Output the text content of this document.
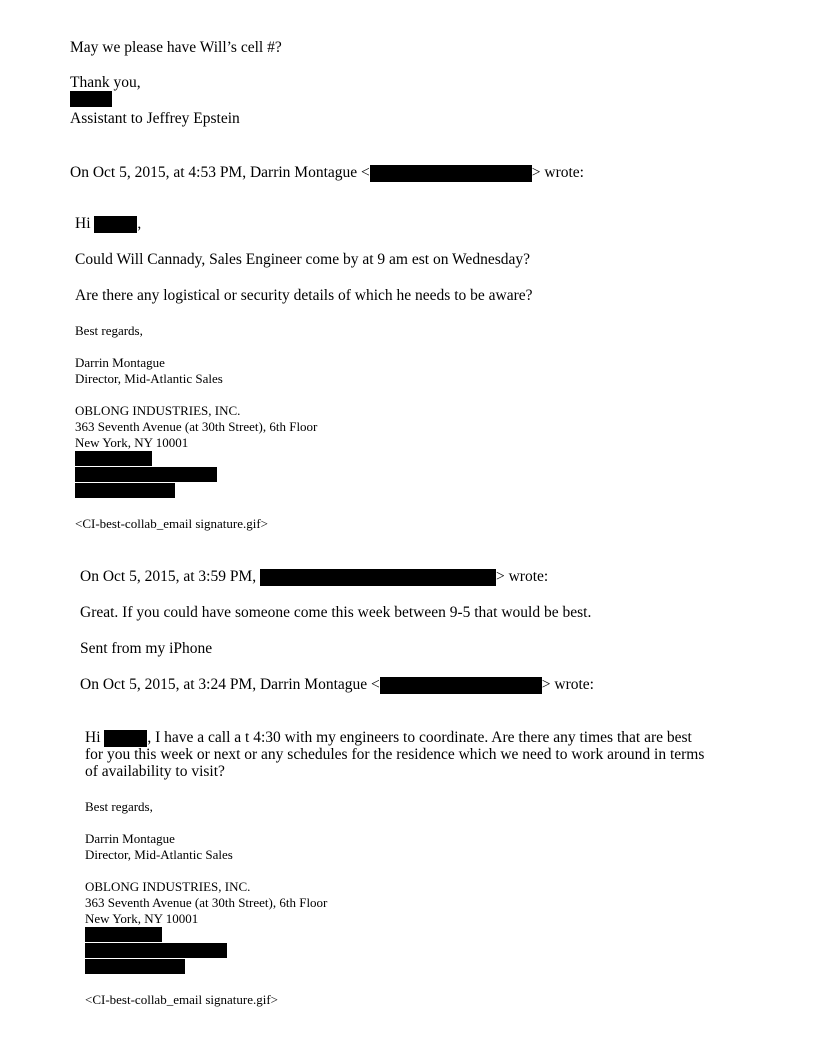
May we please have Will’s cell #?
Thank you,
Assistant to Jeffrey Epstein
On Oct 5, 2015, at 4:53 PM, Darrin Montague <	> wrote:
Hi	,
Could Will Cannady, Sales Engineer come by at 9 am est on Wednesday?
Are there any logistical or security details of which he needs to be aware?
Best regards,
Darrin Montague
Director, Mid-Atlantic Sales
OBLONG INDUSTRIES, INC.
363 Seventh Avenue (at 30th Street), 6th Floor
New York, NY 10001
<CI-best-collab_email signature.gif>
On Oct 5, 2015, at 3:59 PM,	> wrote:
Great. If you could have someone come this week between 9-5 that would be best.
Sent from my iPhone
On Oct 5, 2015, at 3:24 PM, Darrin Montague <	> wrote:
Hi	, I have a call a t 4:30 with my engineers to coordinate. Are there any times that are best
for you this week or next or any schedules for the residence which we need to work around in terms
of availability to visit?
Best regards,
Darrin Montague
Director, Mid-Atlantic Sales
OBLONG INDUSTRIES, INC.
363 Seventh Avenue (at 30th Street), 6th Floor
New York, NY 10001
<CI-best-collab_email signature.gif>
